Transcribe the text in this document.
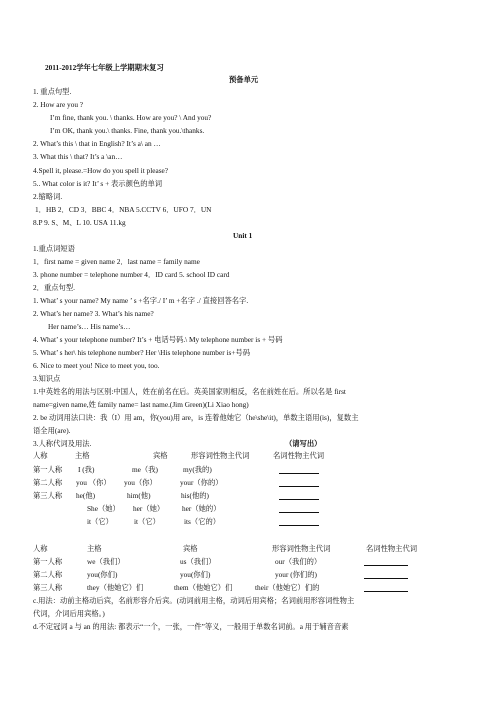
2011-2012学年七年级上学期期末复习
预备单元
1. 重点句型.
2. How are you ?
I’m fine, thank you. \ thanks. How are you? \ And you?
I’m OK, thank you.\ thanks. Fine, thank you.\thanks.
2. What’s this \ that in English? It’s a\ an …
3. What this \ that? It’s a \an…
4.Spell it, please.=How do you spell it please?
5.. What color is it? It’ s + 表示颜色的单词
2.缩略词.
1．HB 2．CD 3．BBC 4．NBA 5.CCTV 6．UFO 7．UN
8.P 9. S、M、L 10. USA 11.kg
Unit 1
1.重点词短语
1．first name = given name 2．last name = family name
3. phone number = telephone number 4．ID card 5. school ID card
2．重点句型.
1. What’ s your name? My name ’ s +名字./ I’ m +名字 ./ 直接回答名字.
2. What’s her name? 3. What’s his name?
Her name’s… His name’s…
4. What’ s your telephone number? It’s + 电话号码.\ My telephone number is + 号码
5. What’ s her\ his telephone number? Her \His telephone number is+号码
6. Nice to meet you! Nice to meet you, too.
3.知识点
1.中英姓名的用法与区别:中国人，姓在前名在后。英美国家则相反，名在前姓在后。所以名是 first
name=given name,姓 family name= last name.(Jim Green)(Li Xiao hong)
2. be 动词用法口诀：我（I）用 am，你(you)用 are，is 连着他她它（he\she\it)，单数主语用(is)，复数主
语全用(are).
3.人称代词及用法.	（请写出）
人称	主格	宾格	形容词性物主代词	名词性物主代词
第一人称 I (我)	me（我)	my(我的)
第二人称 you （你） you（你）	your（你的）
第三人称 he(他)	him(他)	his(他的)
She（她） her（她） her（她的）
it（它）	it（它）	its（它的）
人称	主格	宾格	形容词性物主代词	名词性物主代词
第一人称	we（我们）	us（我们）	our（我们的）
第二人称	you(你们)	you(你们)	your (你们的)
第三人称	they（他她它）们	them（他她它）们	their（他她它）们的
c.用法：动前主格动后宾，名前形容介后宾。(动词前用主格，动词后用宾格；名词前用形容词性物主
代词，介词后用宾格。)
d.不定冠词 a 与 an 的用法: 都表示“一个，一张，一件”等义，一般用于单数名词前。a 用于辅音音素
